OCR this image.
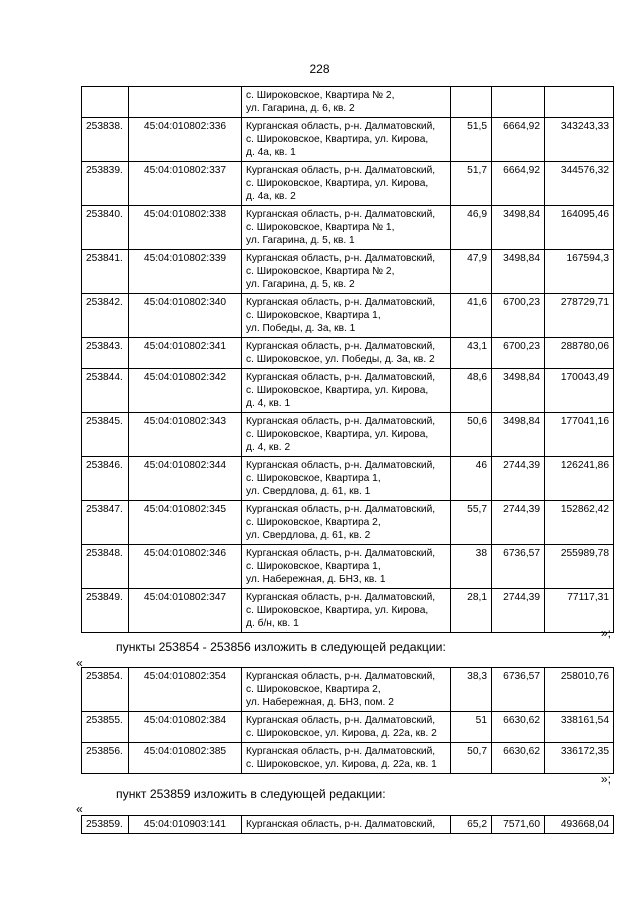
228

		с. Широковское, Квартира № 2,
ул. Гагарина, д. 6, кв. 2			

253838.	45:04:010802:336	Курганская область, р-н. Далматовский,
с. Широковское, Квартира, ул. Кирова,
д. 4а, кв. 1	51,5	6664,92	343243,33
253839.	45:04:010802:337	Курганская область, р-н. Далматовский,
с. Широковское, Квартира, ул. Кирова,
д. 4а, кв. 2	51,7	6664,92	344576,32
253840.	45:04:010802:338	Курганская область, р-н. Далматовский,
с. Широковское, Квартира № 1,
ул. Гагарина, д. 5, кв. 1	46,9	3498,84	164095,46
253841.	45:04:010802:339	Курганская область, р-н. Далматовский,
с. Широковское, Квартира № 2,
ул. Гагарина, д. 5, кв. 2	47,9	3498,84	167594,3
253842.	45:04:010802:340	Курганская область, р-н. Далматовский,
с. Широковское, Квартира 1,
ул. Победы, д. 3а, кв. 1	41,6	6700,23	278729,71
253843.	45:04:010802:341	Курганская область, р-н. Далматовский,
с. Широковское, ул. Победы, д. 3а, кв. 2	43,1	6700,23	288780,06
253844.	45:04:010802:342	Курганская область, р-н. Далматовский,
с. Широковское, Квартира, ул. Кирова,
д. 4, кв. 1	48,6	3498,84	170043,49
253845.	45:04:010802:343	Курганская область, р-н. Далматовский,
с. Широковское, Квартира, ул. Кирова,
д. 4, кв. 2	50,6	3498,84	177041,16
253846.	45:04:010802:344	Курганская область, р-н. Далматовский,
с. Широковское, Квартира 1,
ул. Свердлова, д. 61, кв. 1	46	2744,39	126241,86
253847.	45:04:010802:345	Курганская область, р-н. Далматовский,
с. Широковское, Квартира 2,
ул. Свердлова, д. 61, кв. 2	55,7	2744,39	152862,42
253848.	45:04:010802:346	Курганская область, р-н. Далматовский,
с. Широковское, Квартира 1,
ул. Набережная, д. БН3, кв. 1	38	6736,57	255989,78
253849.	45:04:010802:347	Курганская область, р-н. Далматовский,
с. Широковское, Квартира, ул. Кирова,
д. б/н, кв. 1	28,1	2744,39	77117,31
»;
пункты 253854 - 253856 изложить в следующей редакции:
«
253854.	45:04:010802:354	Курганская область, р-н. Далматовский,
с. Широковское, Квартира 2,
ул. Набережная, д. БН3, пом. 2	38,3	6736,57	258010,76
253855.	45:04:010802:384	Курганская область, р-н. Далматовский,
с. Широковское, ул. Кирова, д. 22а, кв. 2	51	6630,62	338161,54
253856.	45:04:010802:385	Курганская область, р-н. Далматовский,
с. Широковское, ул. Кирова, д. 22а, кв. 1	50,7	6630,62	336172,35
»;
пункт 253859 изложить в следующей редакции:
«
253859.	45:04:010903:141	Курганская область, р-н. Далматовский,	65,2	7571,60	493668,04
